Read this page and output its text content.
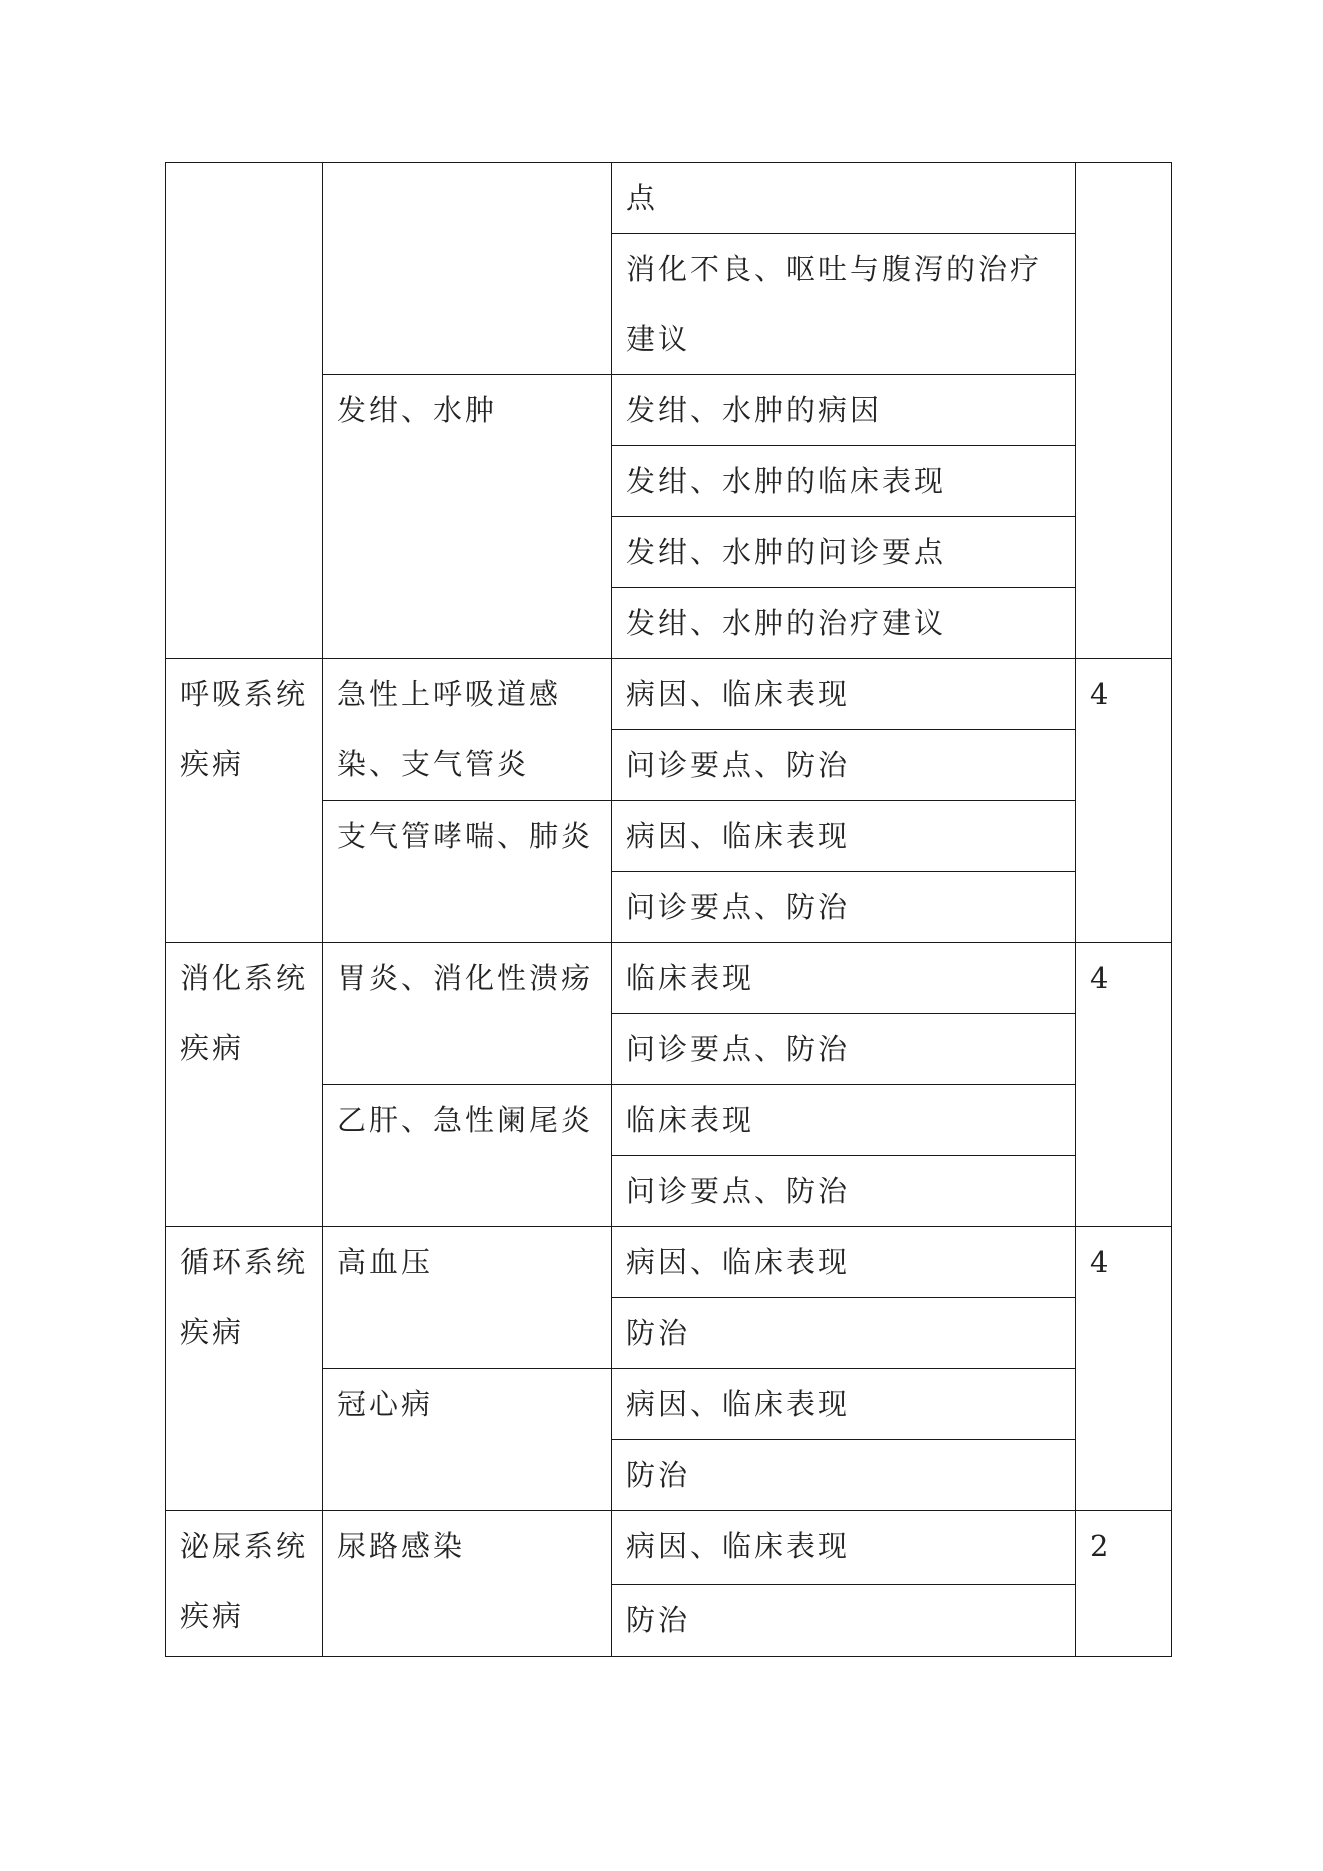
		点	
		消化不良、呕吐与腹泻的治疗建议	
	发绀、水肿	发绀、水肿的病因	
		发绀、水肿的临床表现	
		发绀、水肿的问诊要点	
		发绀、水肿的治疗建议	

呼吸系统疾病	急性上呼吸道感染、支气管炎	病因、临床表现	4
		问诊要点、防治	
	支气管哮喘、肺炎	病因、临床表现	
		问诊要点、防治	
消化系统疾病	胃炎、消化性溃疡	临床表现	4
		问诊要点、防治	
	乙肝、急性阑尾炎	临床表现	
		问诊要点、防治	
循环系统疾病	高血压	病因、临床表现	4
		防治	
	冠心病	病因、临床表现	
		防治	
泌尿系统疾病	尿路感染	病因、临床表现	2
		防治	
